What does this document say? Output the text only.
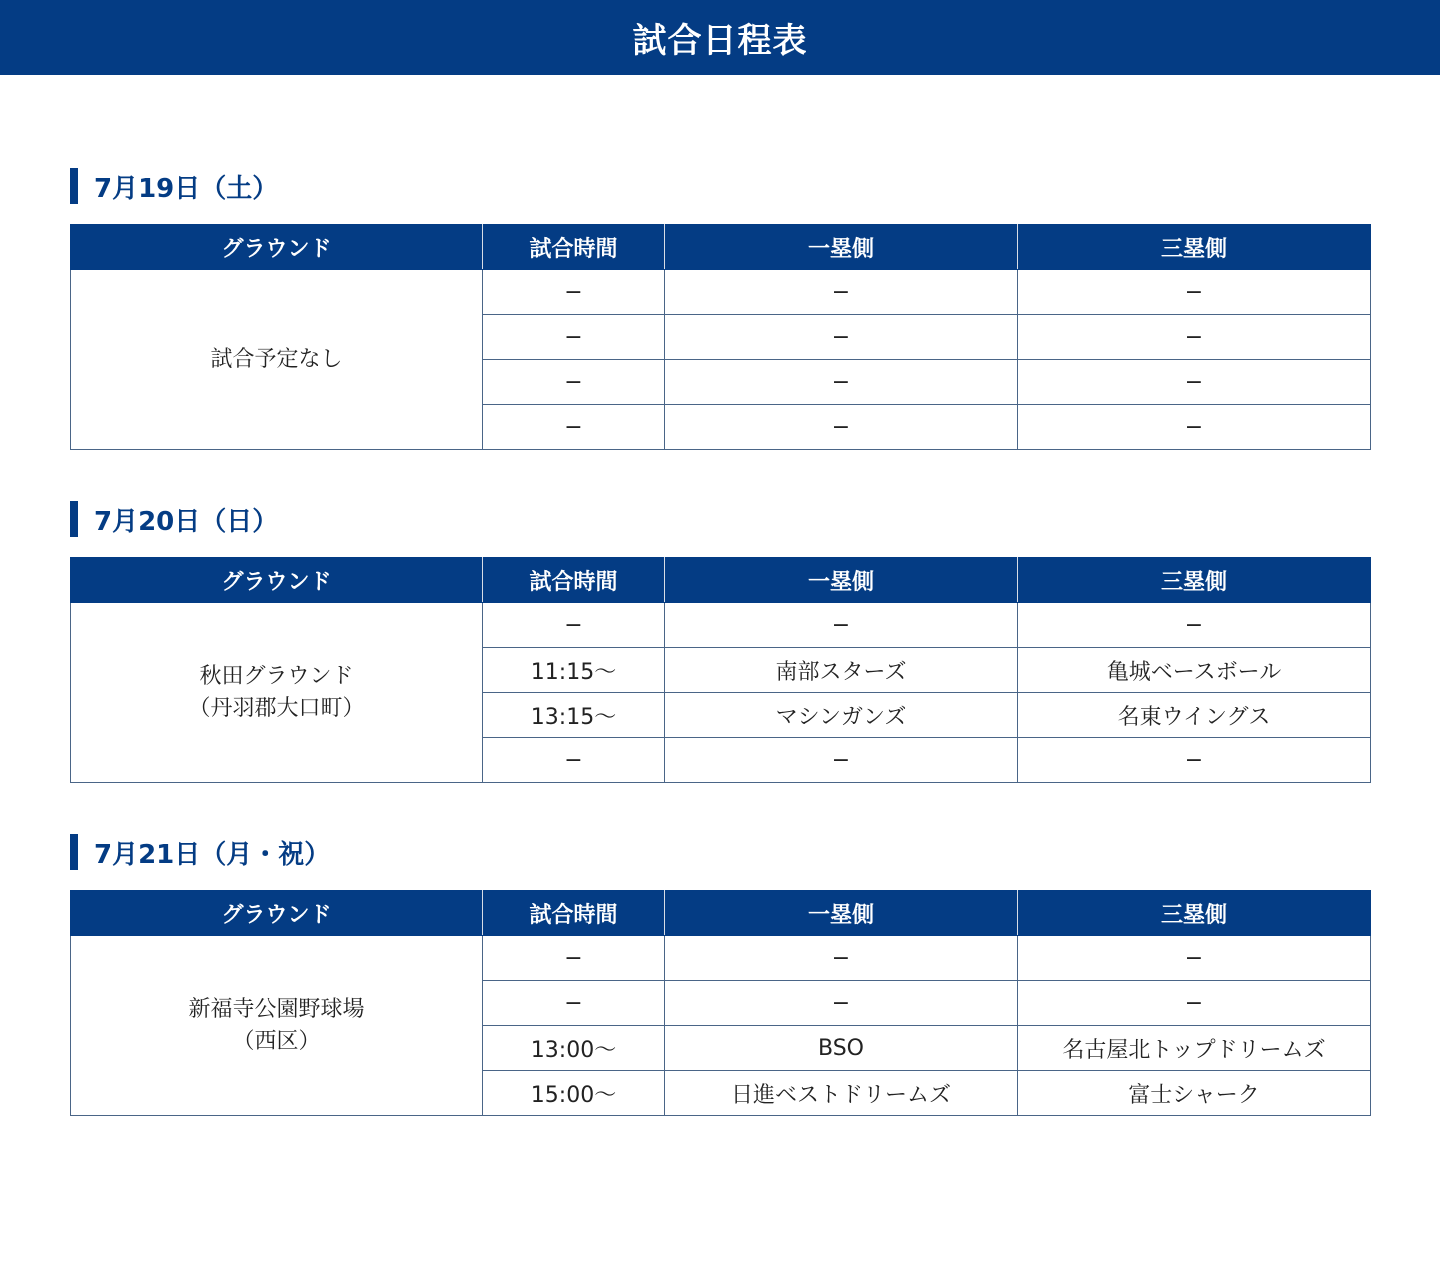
試合日程表
7月19日（土）
グラウンド	試合時間	一塁側	三塁側

試合予定なし	−	−	−
	−	−	−
	−	−	−
	−	−	−
7月20日（日）
グラウンド	試合時間	一塁側	三塁側

秋田グラウンド
（丹羽郡大口町）	−	−	−
	11:15〜	南部スターズ	亀城ベースボール
	13:15〜	マシンガンズ	名東ウイングス
	−	−	−
7月21日（月・祝）
グラウンド	試合時間	一塁側	三塁側

新福寺公園野球場
（西区）	−	−	−
	−	−	−
	13:00〜	BSO	名古屋北トップドリームズ
	15:00〜	日進ベストドリームズ	富士シャーク
